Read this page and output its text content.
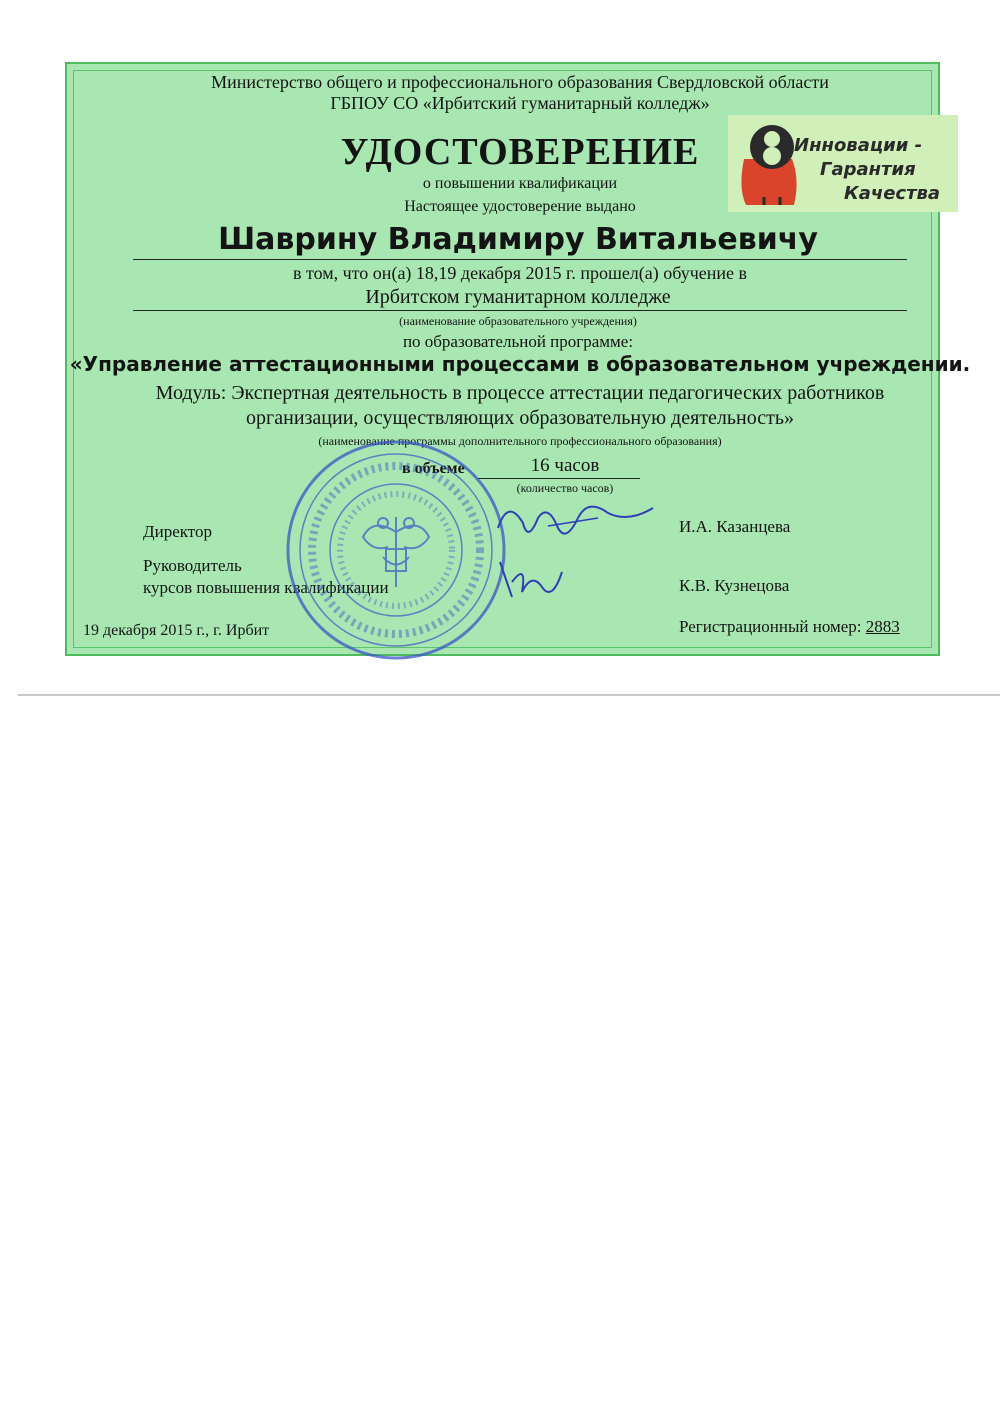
Министерство общего и профессионального образования Свердловской области
ГБПОУ СО «Ирбитский гуманитарный колледж»
УДОСТОВЕРЕНИЕ
о повышении квалификации
Настоящее удостоверение выдано
Шаврину Владимиру Витальевичу
в том, что он(а) 18,19 декабря 2015 г. прошел(а) обучение в
Ирбитском гуманитарном колледже
(наименование образовательного учреждения)
по образовательной программе:
«Управление аттестационными процессами в образовательном учреждении.
Модуль: Экспертная деятельность в процессе аттестации педагогических работников
организации, осуществляющих образовательную деятельность»
(наименование программы дополнительного профессионального образования)
в объеме	16 часов
(количество часов)
Директор	И.А. Казанцева
Руководитель
курсов повышения квалификации	К.В. Кузнецова
19 декабря 2015 г., г. Ирбит	Регистрационный номер: 2883
Инновации -
Гарантия
Качества
